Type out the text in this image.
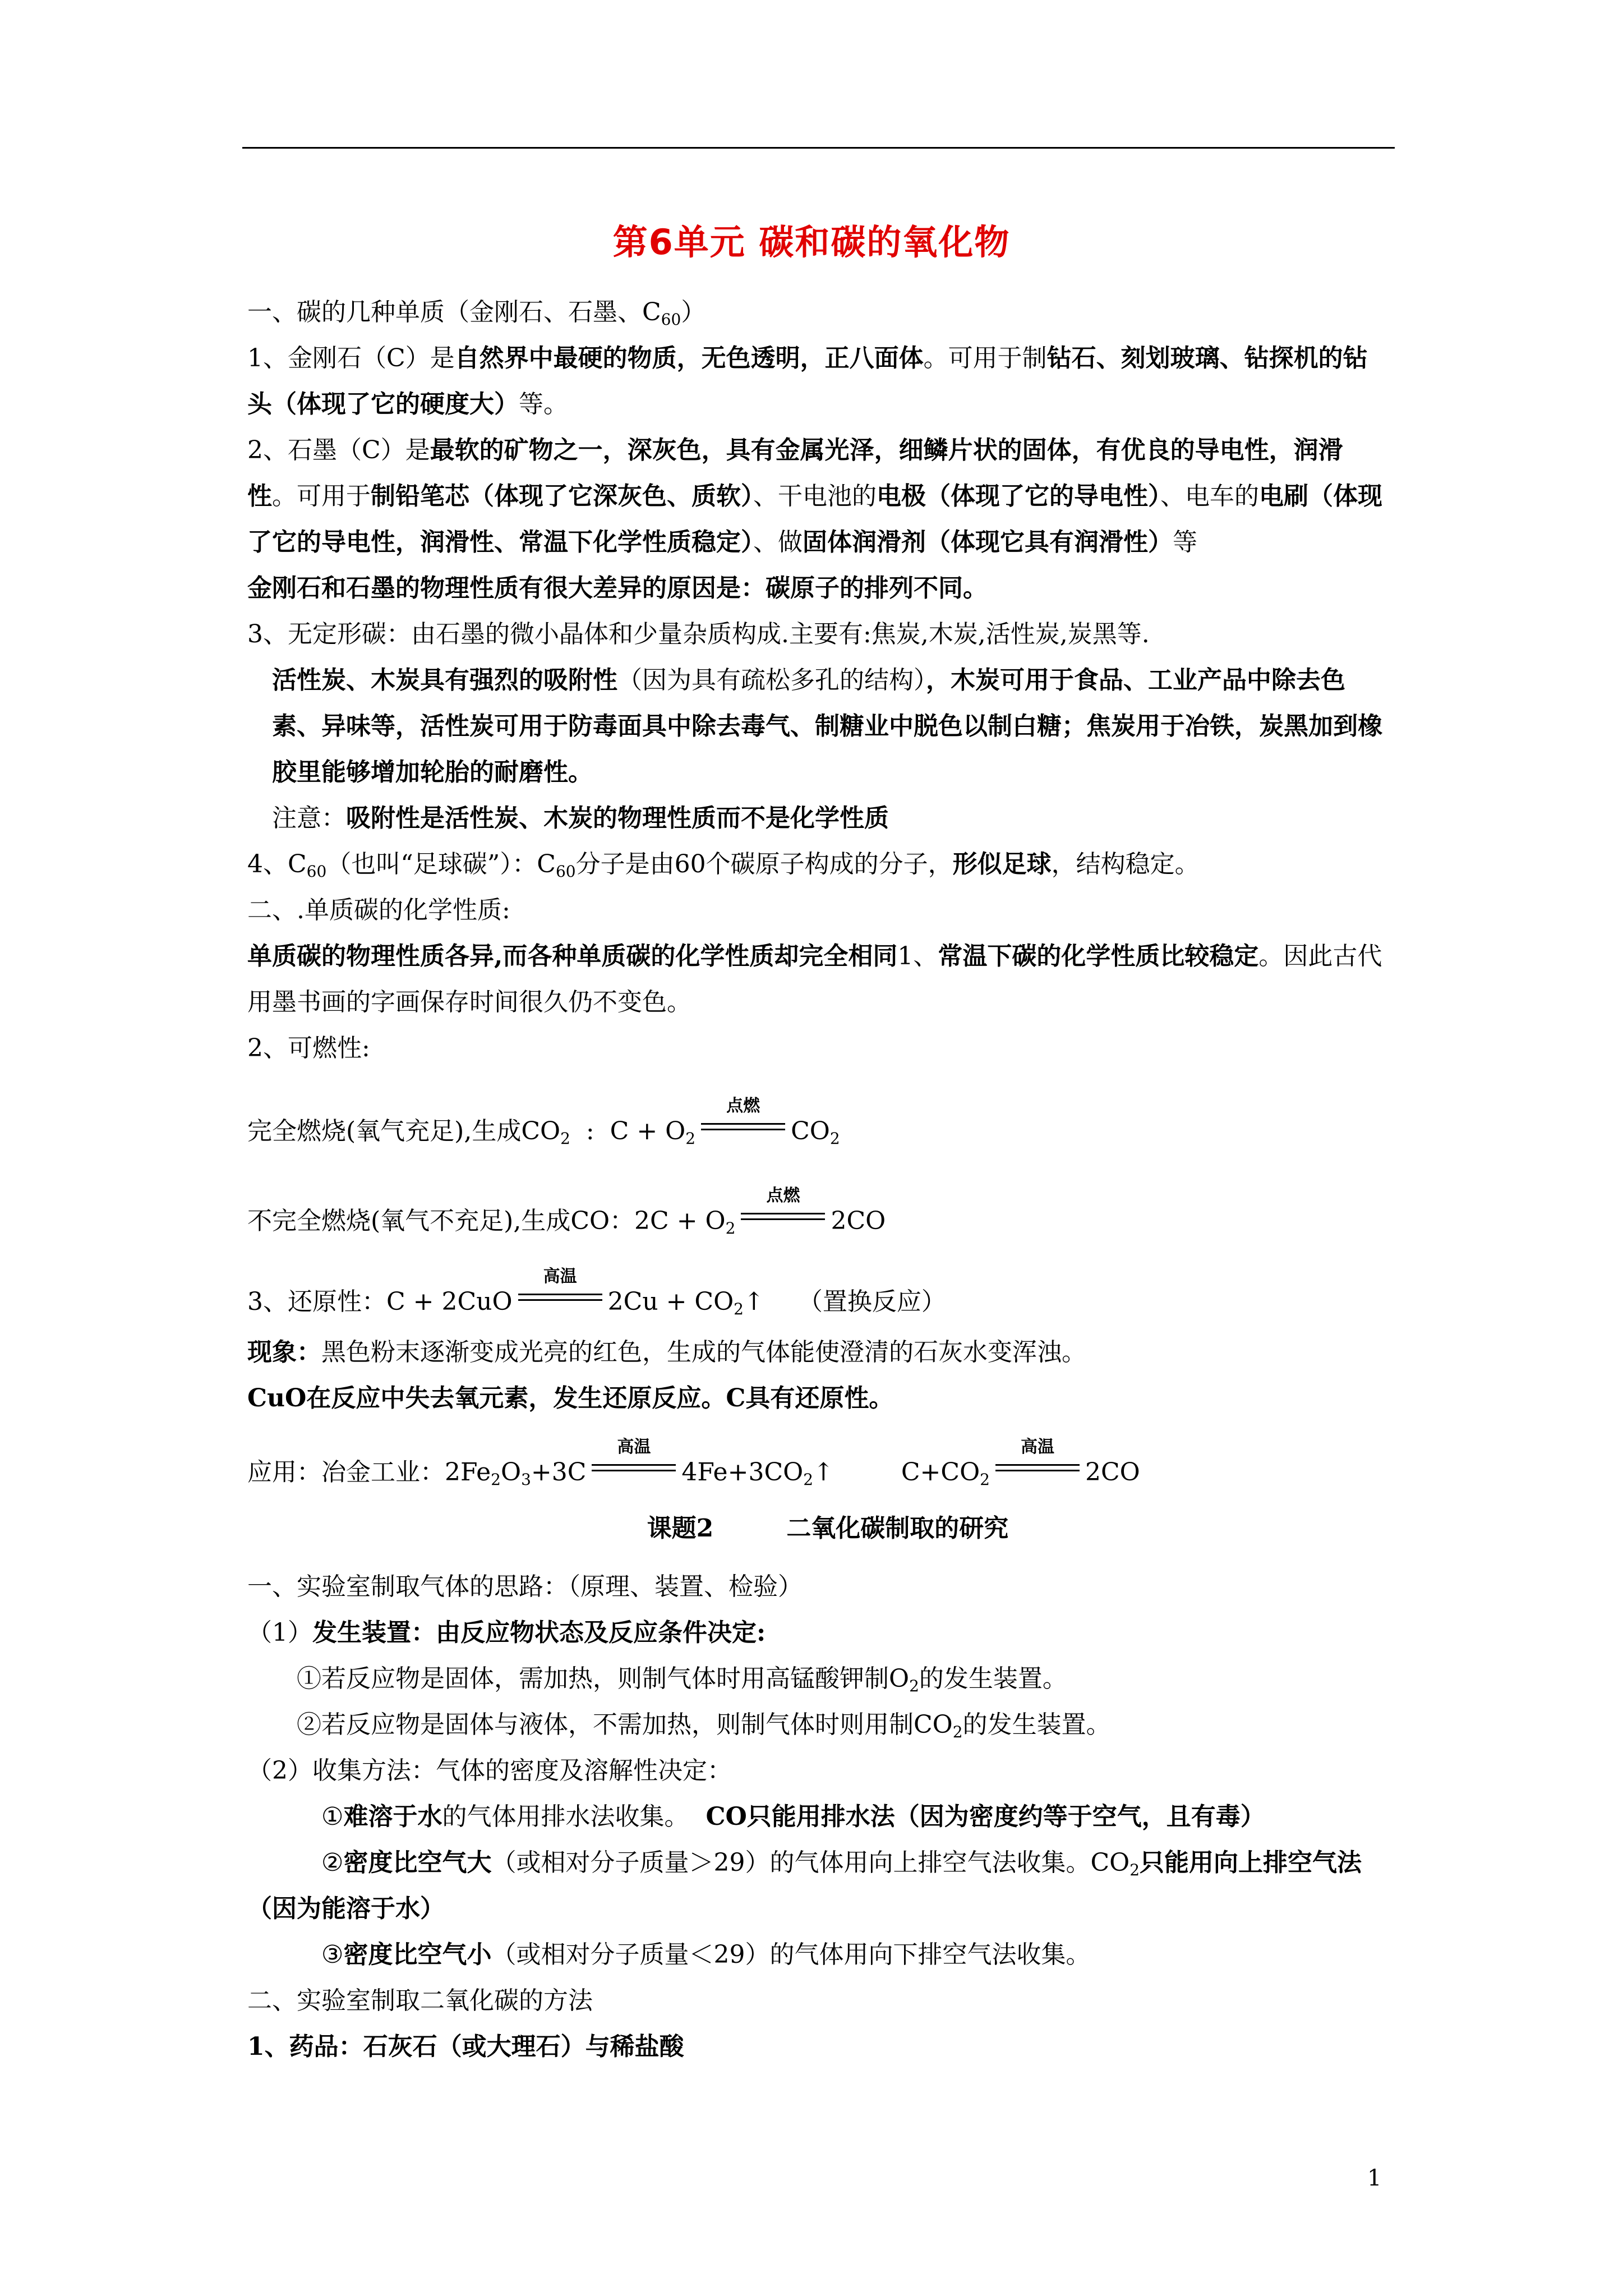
第6单元 碳和碳的氧化物

一、碳的几种单质（金刚石、石墨、$C_{60}$）

1、金刚石（C）是自然界中最硬的物质，无色透明，正八面体。可用于制钻石、刻划玻璃、钻探机的钻头（体现了它的硬度大）等。

2、石墨（C）是最软的矿物之一，深灰色，具有金属光泽，细鳞片状的固体，有优良的导电性，润滑性。可用于制铅笔芯（体现了它深灰色、质软）、干电池的电极（体现了它的导电性）、电车的电刷（体现了它的导电性，润滑性、常温下化学性质稳定）、做固体润滑剂（体现它具有润滑性）等

金刚石和石墨的物理性质有很大差异的原因是：碳原子的排列不同。

3、无定形碳：由石墨的微小晶体和少量杂质构成.主要有:焦炭,木炭,活性炭,炭黑等.

活性炭、木炭具有强烈的吸附性（因为具有疏松多孔的结构），木炭可用于食品、工业产品中除去色素、异味等，活性炭可用于防毒面具中除去毒气、制糖业中脱色以制白糖；焦炭用于冶铁，炭黑加到橡胶里能够增加轮胎的耐磨性。

注意：吸附性是活性炭、木炭的物理性质而不是化学性质

4、$C_{60}$（也叫“足球碳”）：$C_{60}$分子是由60个碳原子构成的分子，形似足球，结构稳定。

二、.单质碳的化学性质:

单质碳的物理性质各异,而各种单质碳的化学性质却完全相同1、常温下碳的化学性质比较稳定。因此古代用墨书画的字画保存时间很久仍不变色。

2、可燃性:

完全燃烧(氧气充足),生成$CO_2$  :  $C + O_2$
点燃
$CO_2$
不完全燃烧(氧气不充足),生成CO：$2C + O_2$
点燃
2CO
3、还原性：C + 2CuO
高温
$2Cu + CO_2↑$ （置换反应）

现象：黑色粉末逐渐变成光亮的红色，生成的气体能使澄清的石灰水变浑浊。

CuO在反应中失去氧元素，发生还原反应。C具有还原性。

应用：冶金工业：$2Fe_2O_3+3C$
高温
$4Fe+3CO_2↑$	$C+CO_2$
高温
2CO

课题2	二氧化碳制取的研究

一、实验室制取气体的思路：（原理、装置、检验）

（1）发生装置：由反应物状态及反应条件决定:

①若反应物是固体，需加热，则制气体时用高锰酸钾制$O_2$的发生装置。

②若反应物是固体与液体，不需加热，则制气体时则用制$CO_2$的发生装置。

（2）收集方法：气体的密度及溶解性决定：

①难溶于水的气体用排水法收集。 CO只能用排水法（因为密度约等于空气，且有毒）

②密度比空气大（或相对分子质量＞29）的气体用向上排空气法收集。$CO_2$只能用向上排空气法（因为能溶于水）

③密度比空气小（或相对分子质量＜29）的气体用向下排空气法收集。

二、实验室制取二氧化碳的方法

1、药品：石灰石（或大理石）与稀盐酸

1
